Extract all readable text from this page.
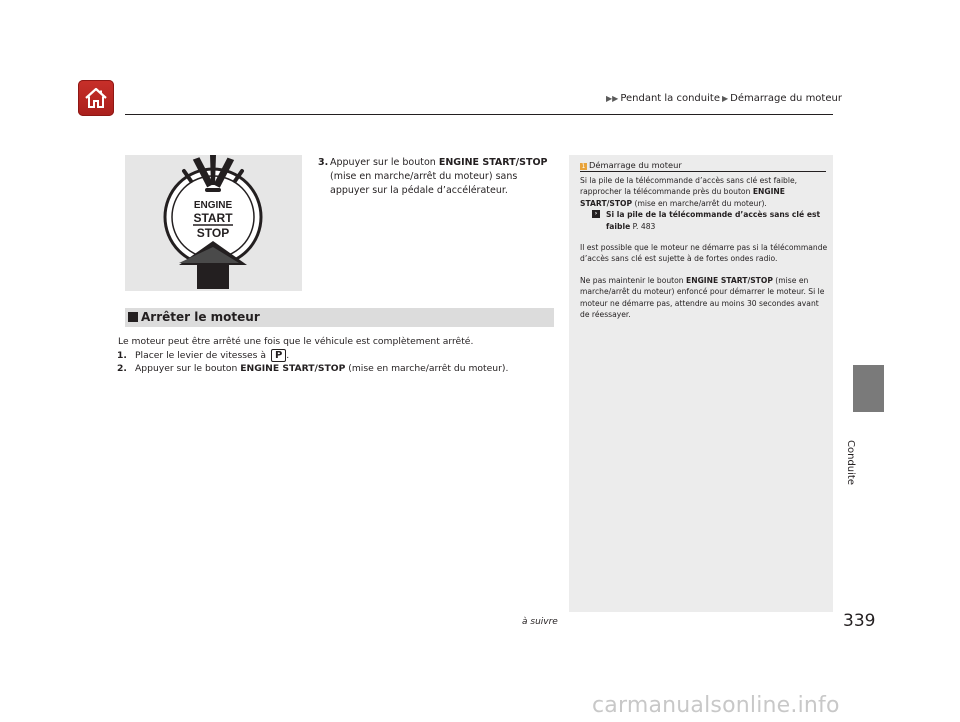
▶▶ Pendant la conduite ▶ Démarrage du moteur
ENGINE
START
STOP
3. Appuyer sur le bouton ENGINE START/STOP (mise en marche/arrêt du moteur) sans appuyer sur la pédale d’accélérateur.
Arrêter le moteur
Le moteur peut être arrêté une fois que le véhicule est complètement arrêté.
1. Placer le levier de vitesses à P .
2. Appuyer sur le bouton ENGINE START/STOP (mise en marche/arrêt du moteur).
1 Démarrage du moteur

Si la pile de la télécommande d’accès sans clé est faible, rapprocher la télécommande près du bouton ENGINE START/STOP (mise en marche/arrêt du moteur).

›	Si la pile de la télécommande d’accès sans clé est faible P. 483

Il est possible que le moteur ne démarre pas si la télécommande d’accès sans clé est sujette à de fortes ondes radio.

Ne pas maintenir le bouton ENGINE START/STOP (mise en marche/arrêt du moteur) enfoncé pour démarrer le moteur. Si le moteur ne démarre pas, attendre au moins 30 secondes avant de réessayer.

Conduite
à suivre	339
carmanualsonline.info
